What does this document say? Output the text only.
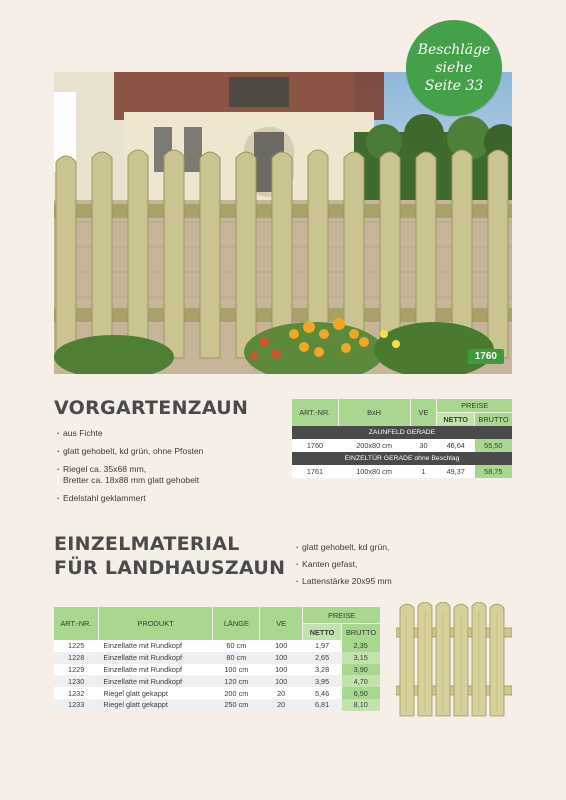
1760
Beschläge
siehe
Seite 33
VORGARTENZAUN
· aus Fichte
· glatt gehobelt, kd grün, ohne Pfosten
· Riegel ca. 35x68 mm,
Bretter ca. 18x88 mm glatt gehobelt
· Edelstahl geklammert
ART.-NR.	BxH	VE	PREISE	
			NETTO	BRUTTO
ZAUNFELD GERADE				
1760	200x80 cm	30	46,64	55,50
EINZELTÜR GERADE ohne Beschlag				
1761	100x80 cm	1	49,37	58,75
EINZELMATERIAL
FÜR LANDHAUSZAUN
· glatt gehobelt, kd grün,
· Kanten gefast,
· Lattenstärke 20x95 mm
ART.-NR.	PRODUKT	LÄNGE	VE	PREISE	
				NETTO	BRUTTO
1225	Einzellatte mit Rundkopf	60 cm	100	1,97	2,35
1228	Einzellatte mit Rundkopf	80 cm	100	2,65	3,15
1229	Einzellatte mit Rundkopf	100 cm	100	3,28	3,90
1230	Einzellatte mit Rundkopf	120 cm	100	3,95	4,70
1232	Riegel glatt gekappt	200 cm	20	5,46	6,50
1233	Riegel glatt gekappt	250 cm	20	6,81	8,10
